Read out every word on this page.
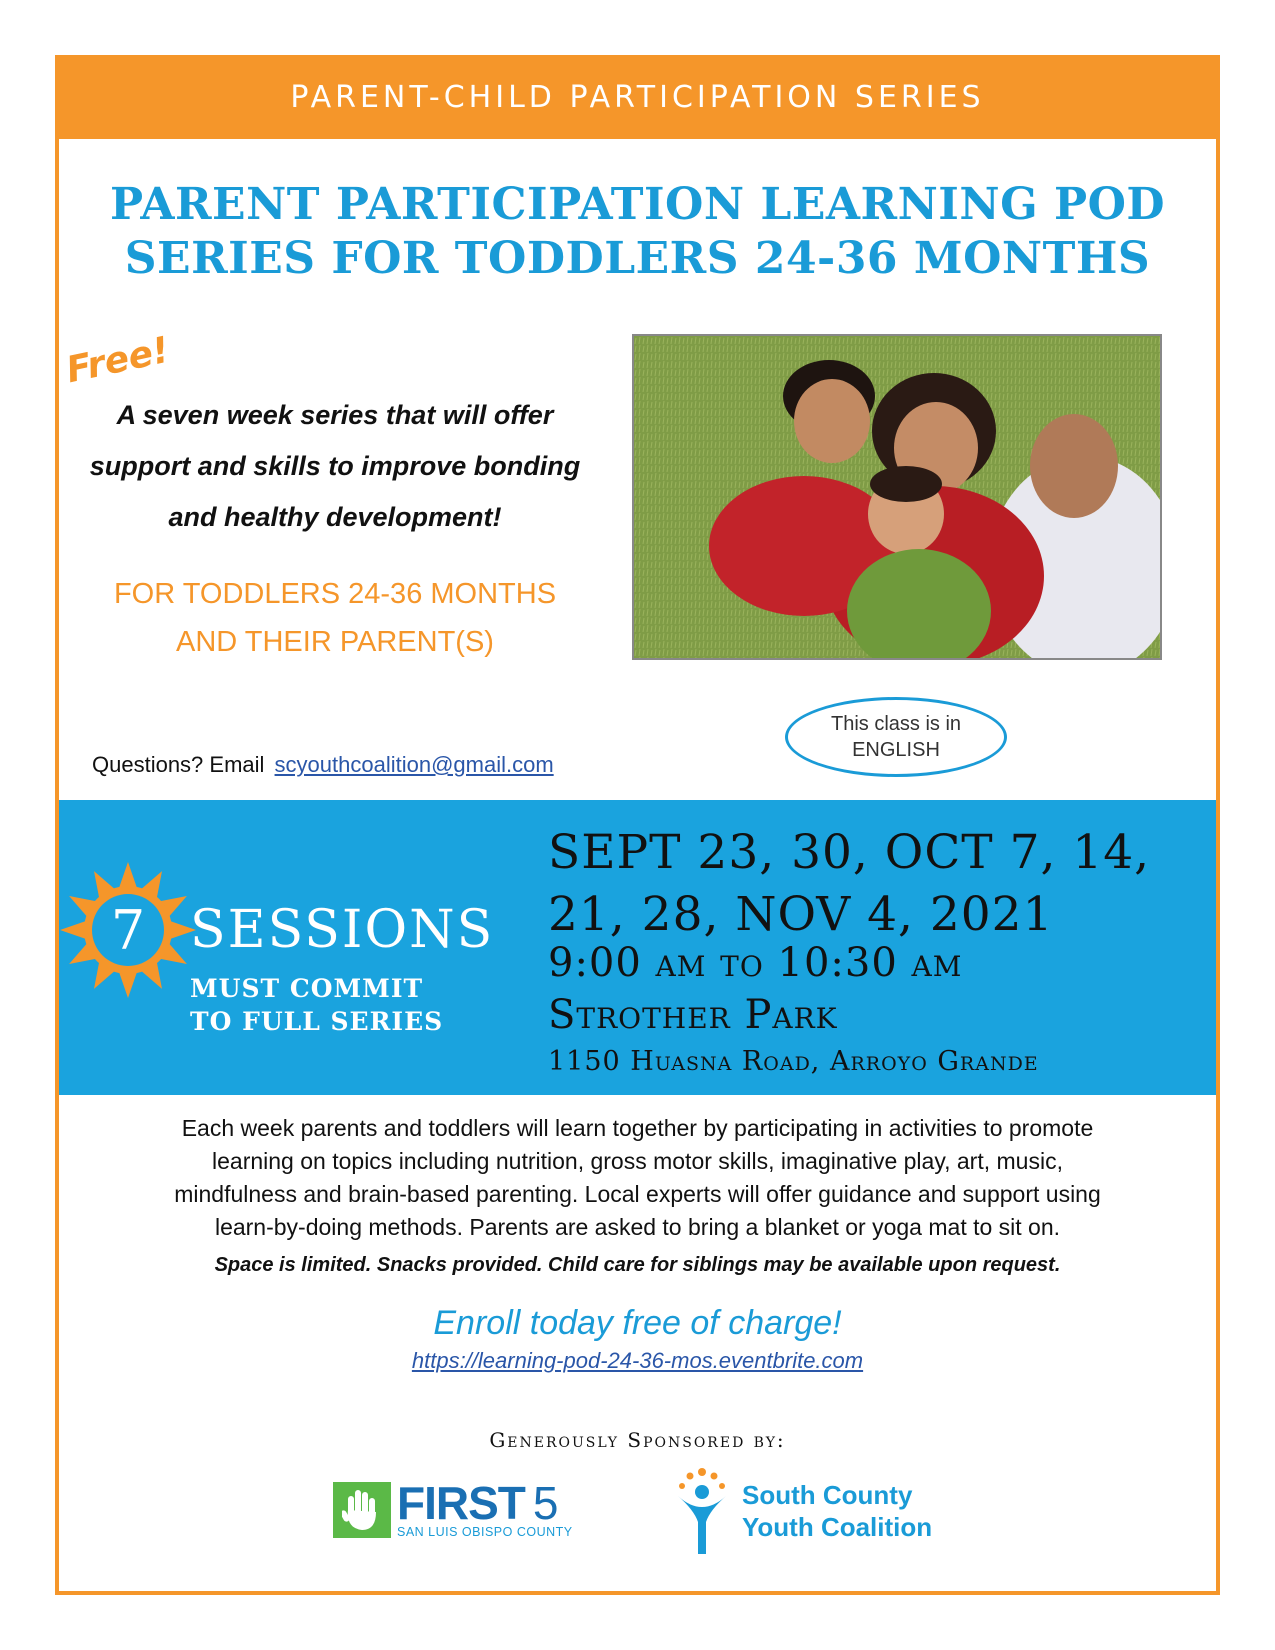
PARENT-CHILD PARTICIPATION SERIES
PARENT PARTICIPATION LEARNING POD
SERIES FOR TODDLERS 24-36 MONTHS
Free!
A seven week series that will offer
support and skills to improve bonding
and healthy development!
FOR TODDLERS 24-36 MONTHS
AND THEIR PARENT(S)
This class is in
ENGLISH
Questions? Email scyouthcoalition@gmail.com
7 SESSIONS
MUST COMMIT
TO FULL SERIES
SEPT 23, 30, OCT 7, 14,
21, 28, NOV 4, 2021
9:00 am to 10:30 am
Strother Park
1150 Huasna Road, Arroyo Grande
Each week parents and toddlers will learn together by participating in activities to promote
learning on topics including nutrition, gross motor skills, imaginative play, art, music,
mindfulness and brain-based parenting. Local experts will offer guidance and support using
learn-by-doing methods. Parents are asked to bring a blanket or yoga mat to sit on.
Space is limited. Snacks provided. Child care for siblings may be available upon request.
Enroll today free of charge!
https://learning-pod-24-36-mos.eventbrite.com
Generously Sponsored by:
FIRST 5
SAN LUIS OBISPO COUNTY
South County
Youth Coalition
